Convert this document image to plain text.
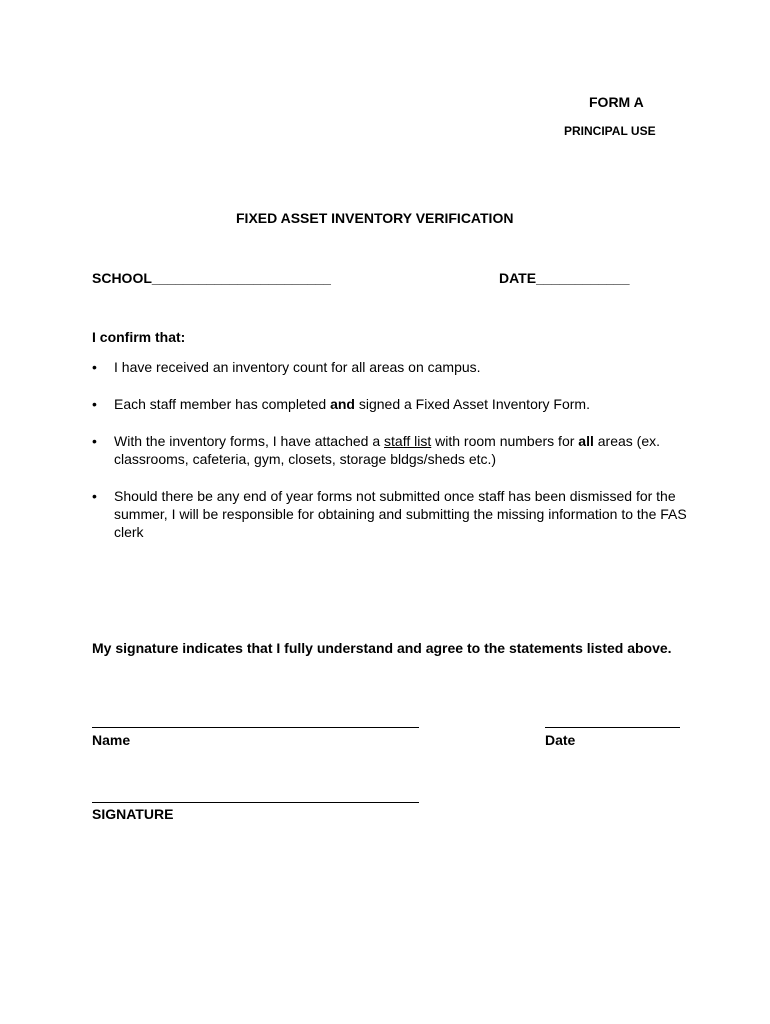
FORM A
PRINCIPAL USE
FIXED ASSET INVENTORY VERIFICATION
SCHOOL_______________________	DATE____________
I confirm that:
• I have received an inventory count for all areas on campus.
• Each staff member has completed and signed a Fixed Asset Inventory Form.
• With the inventory forms, I have attached a staff list with room numbers for all areas (ex. classrooms, cafeteria, gym, closets, storage bldgs/sheds etc.)
• Should there be any end of year forms not submitted once staff has been dismissed for the summer, I will be responsible for obtaining and submitting the missing information to the FAS clerk
My signature indicates that I fully understand and agree to the statements listed above.
Name	Date
SIGNATURE
